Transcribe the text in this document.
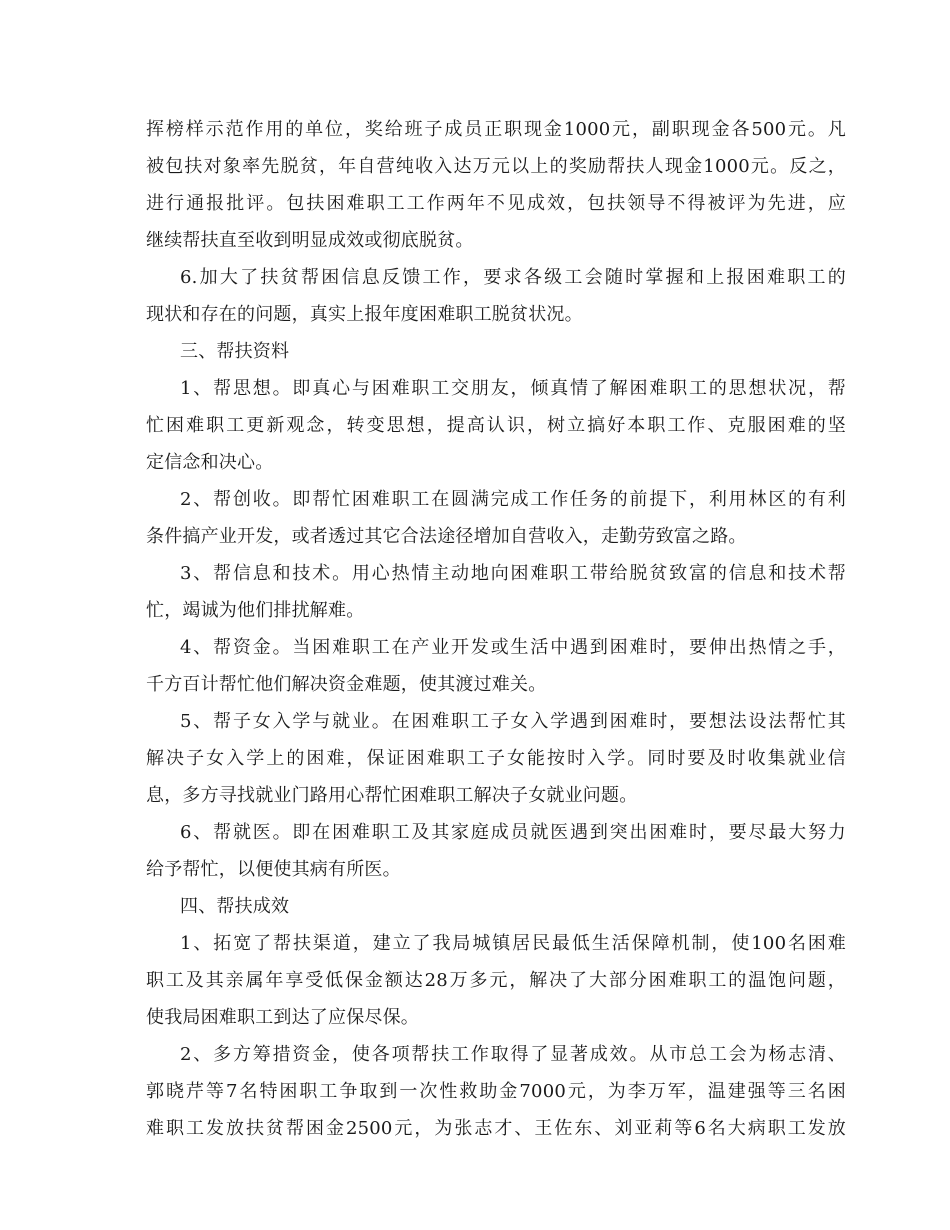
挥榜样示范作用的单位，奖给班子成员正职现金1000元，副职现金各500元。凡
被包扶对象率先脱贫，年自营纯收入达万元以上的奖励帮扶人现金1000元。反之，
进行通报批评。包扶困难职工工作两年不见成效，包扶领导不得被评为先进，应
继续帮扶直至收到明显成效或彻底脱贫。
6.加大了扶贫帮困信息反馈工作，要求各级工会随时掌握和上报困难职工的
现状和存在的问题，真实上报年度困难职工脱贫状况。
三、帮扶资料
1、帮思想。即真心与困难职工交朋友，倾真情了解困难职工的思想状况，帮
忙困难职工更新观念，转变思想，提高认识，树立搞好本职工作、克服困难的坚
定信念和决心。
2、帮创收。即帮忙困难职工在圆满完成工作任务的前提下，利用林区的有利
条件搞产业开发，或者透过其它合法途径增加自营收入，走勤劳致富之路。
3、帮信息和技术。用心热情主动地向困难职工带给脱贫致富的信息和技术帮
忙，竭诚为他们排扰解难。
4、帮资金。当困难职工在产业开发或生活中遇到困难时，要伸出热情之手，
千方百计帮忙他们解决资金难题，使其渡过难关。
5、帮子女入学与就业。在困难职工子女入学遇到困难时，要想法设法帮忙其
解决子女入学上的困难，保证困难职工子女能按时入学。同时要及时收集就业信
息，多方寻找就业门路用心帮忙困难职工解决子女就业问题。
6、帮就医。即在困难职工及其家庭成员就医遇到突出困难时，要尽最大努力
给予帮忙，以便使其病有所医。
四、帮扶成效
1、拓宽了帮扶渠道，建立了我局城镇居民最低生活保障机制，使100名困难
职工及其亲属年享受低保金额达28万多元，解决了大部分困难职工的温饱问题，
使我局困难职工到达了应保尽保。
2、多方筹措资金，使各项帮扶工作取得了显著成效。从市总工会为杨志清、
郭晓芹等7名特困职工争取到一次性救助金7000元，为李万军，温建强等三名困
难职工发放扶贫帮困金2500元，为张志才、王佐东、刘亚莉等6名大病职工发放
